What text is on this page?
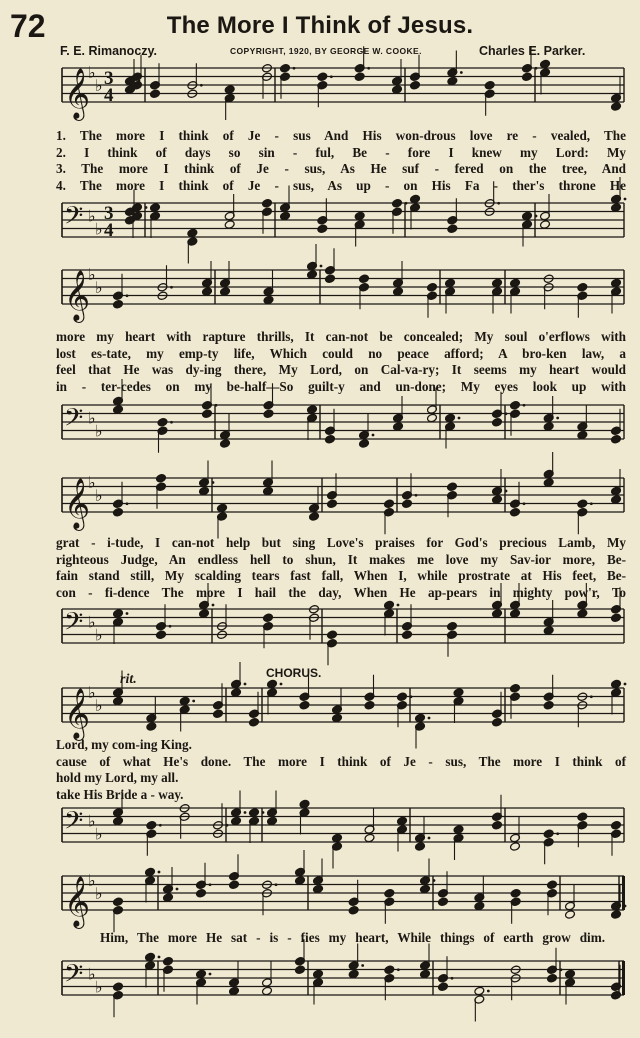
72	The More I Think of Jesus.
F. E. Rimanoczy.	COPYRIGHT, 1920, BY GEORGE W. COOKE.	Charles E. Parker.
𝄞
♭
♭ 3
4
1. The more I think of Je - sus And His won-drous love re - vealed, The
2. I think of days so sin - ful, Be - fore I knew my Lord: My
3. The more I think of Je - sus, As He suf - fered on the tree, And
4. The more I think of Je - sus, As up - on His Fa - ther's throne He
𝄢 ♭
♭
3
4
𝄞
♭
♭
more my heart with rapture thrills, It can-not be concealed; My soul o'erflows with
lost es-tate, my emp-ty life, Which could no peace afford; A bro-ken law, a
feel that He was dy-ing there, My Lord, on Cal-va-ry; It seems my heart would
in - ter-cedes on my be-half—So guilt-y and un-done; My eyes look up with
𝄢 ♭
♭
𝄞
♭
♭
grat - i-tude, I can-not help but sing Love's praises for God's precious Lamb, My
righteous Judge, An endless hell to shun, It makes me love my Sav-ior more, Be-
fain stand still, My scalding tears fast fall, When I, while prostrate at His feet, Be-
con - fi-dence The more I hail the day, When He ap-pears in mighty pow'r, To
𝄢 ♭
♭
rit.	CHORUS.
𝄞
♭
♭
Lord, my com-ing King.
cause of what He's done. The more I think of Je - sus, The more I think of
hold my Lord, my all.
take His Bride a - way.
𝄢 ♭
♭
𝄞
♭
♭
Him, The more He sat - is - fies my heart, While things of earth grow dim.
𝄢 ♭
♭
